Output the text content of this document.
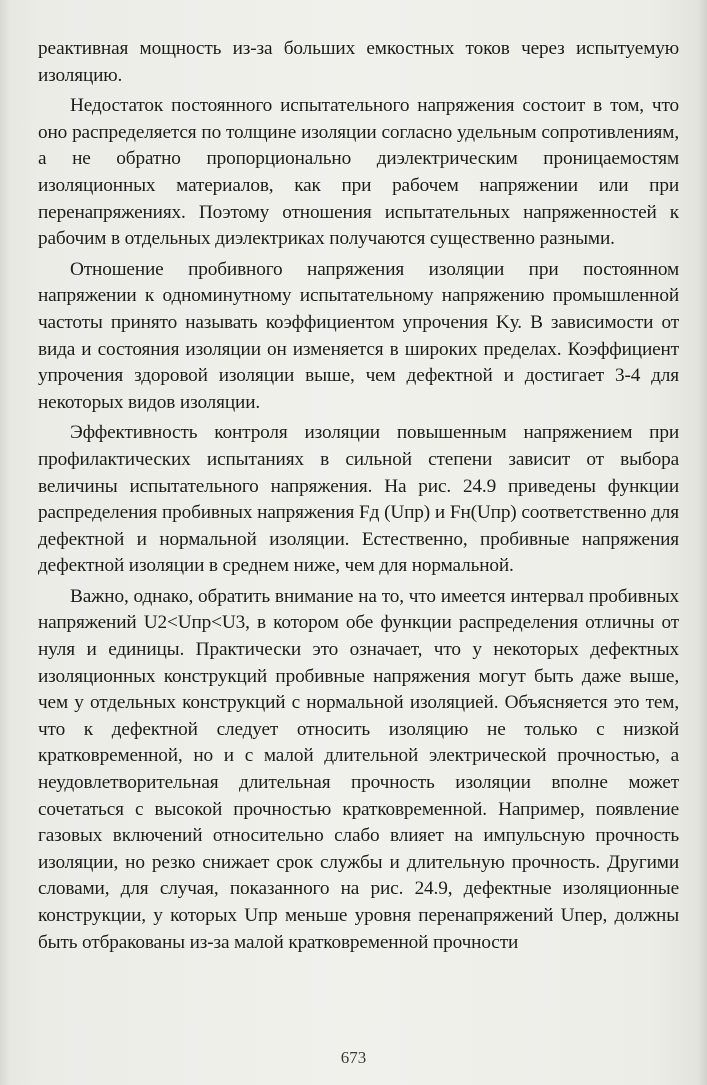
реактивная мощность из-за больших емкостных токов через испытуемую изоляцию.

Недостаток постоянного испытательного напряжения состоит в том, что оно распределяется по толщине изоляции согласно удельным сопротивлениям, а не обратно пропорционально диэлектрическим проницаемостям изоляционных материалов, как при рабочем напряжении или при перенапряжениях. Поэтому отношения испытательных напряженностей к рабочим в отдельных диэлектриках получаются существенно разными.

Отношение пробивного напряжения изоляции при постоянном напряжении к одноминутному испытательному напряжению промышленной частоты принято называть коэффициентом упрочения Kу. В зависимости от вида и состояния изоляции он изменяется в широких пределах. Коэффициент упрочения здоровой изоляции выше, чем дефектной и достигает 3-4 для некоторых видов изоляции.

Эффективность контроля изоляции повышенным напряжением при профилактических испытаниях в сильной степени зависит от выбора величины испытательного напряжения. На рис. 24.9 приведены функции распределения пробивных напряжения Fд (Uпр) и Fн(Uпр) соответственно для дефектной и нормальной изоляции. Естественно, пробивные напряжения дефектной изоляции в среднем ниже, чем для нормальной.

Важно, однако, обратить внимание на то, что имеется интервал пробивных напряжений U2<Uпр<U3, в котором обе функции распределения отличны от нуля и единицы. Практически это означает, что у некоторых дефектных изоляционных конструкций пробивные напряжения могут быть даже выше, чем у отдельных конструкций с нормальной изоляцией. Объясняется это тем, что к дефектной следует относить изоляцию не только с низкой кратковременной, но и с малой длительной электрической прочностью, а неудовлетворительная длительная прочность изоляции вполне может сочетаться с высокой прочностью кратковременной. Например, появление газовых включений относительно слабо влияет на импульсную прочность изоляции, но резко снижает срок службы и длительную прочность. Другими словами, для случая, показанного на рис. 24.9, дефектные изоляционные конструкции, у которых Uпр меньше уровня перенапряжений Uпер, должны быть отбракованы из-за малой кратковременной прочности

673
